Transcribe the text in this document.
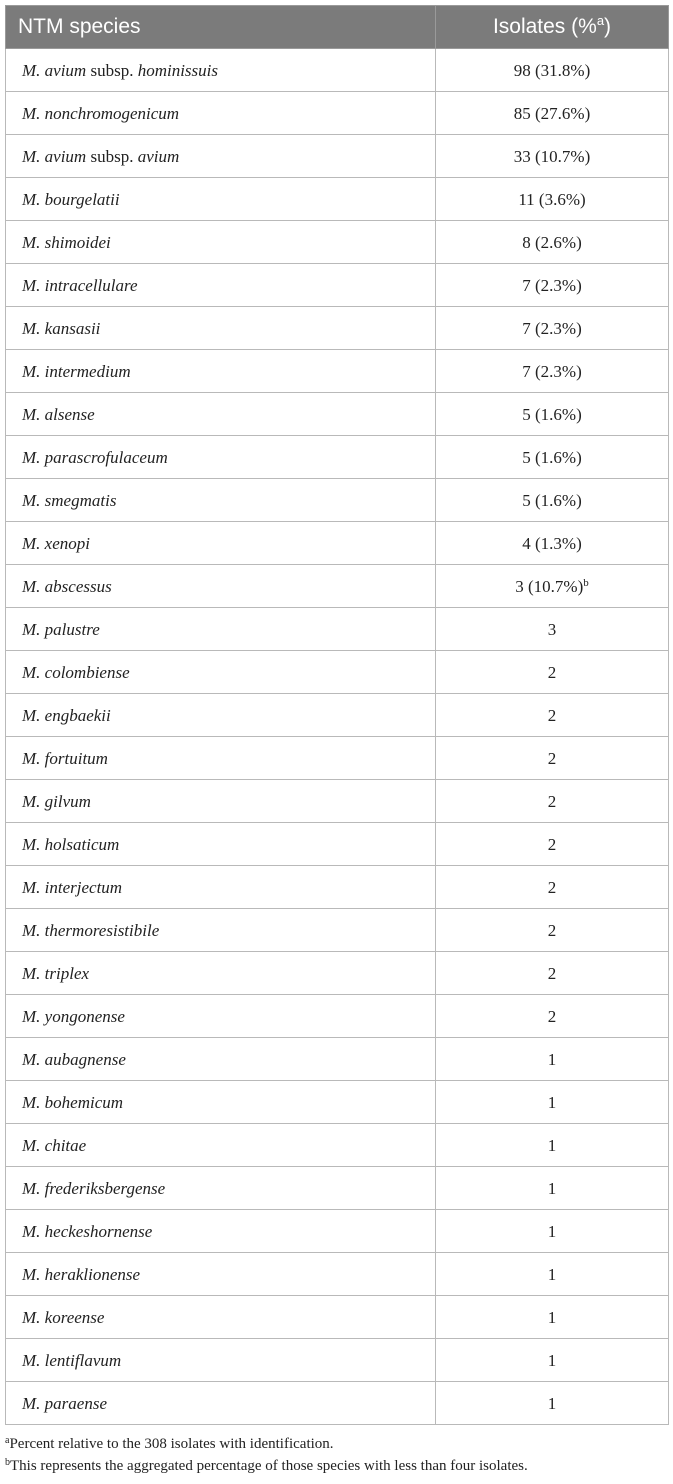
NTM species	Isolates (%$^a$)
M. avium subsp. hominissuis	98 (31.8%)
M. nonchromogenicum	85 (27.6%)
M. avium subsp. avium	33 (10.7%)
M. bourgelatii	11 (3.6%)
M. shimoidei	8 (2.6%)
M. intracellulare	7 (2.3%)
M. kansasii	7 (2.3%)
M. intermedium	7 (2.3%)
M. alsense	5 (1.6%)
M. parascrofulaceum	5 (1.6%)
M. smegmatis	5 (1.6%)
M. xenopi	4 (1.3%)
M. abscessus	3 $(10.7\%)^b$
M. palustre	3
M. colombiense	2
M. engbaekii	2
M. fortuitum	2
M. gilvum	2
M. holsaticum	2
M. interjectum	2
M. thermoresistibile	2
M. triplex	2
M. yongonense	2
M. aubagnense	1
M. bohemicum	1
M. chitae	1
M. frederiksbergense	1
M. heckeshornense	1
M. heraklionense	1
M. koreense	1
M. lentiflavum	1
M. paraense	1
$^a$Percent relative to the 308 isolates with identification.
$^b$This represents the aggregated percentage of those species with less than four isolates.
